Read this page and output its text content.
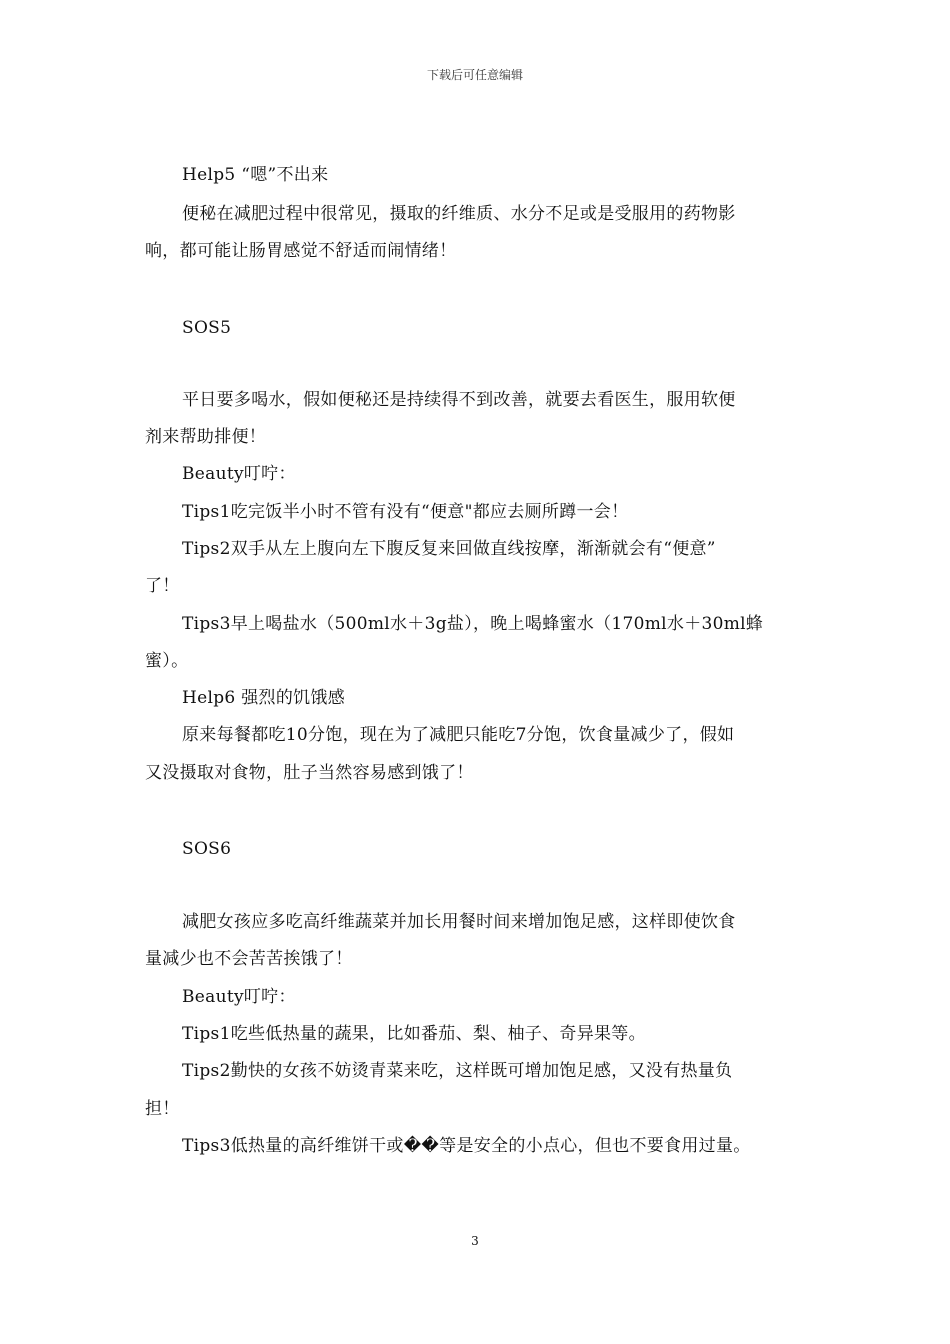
下载后可任意编辑
Help5 “嗯”不出来
便秘在减肥过程中很常见，摄取的纤维质、水分不足或是受服用的药物影
响，都可能让肠胃感觉不舒适而闹情绪！
SOS5
平日要多喝水，假如便秘还是持续得不到改善，就要去看医生，服用软便
剂来帮助排便！
Beauty叮咛：
Tips1吃完饭半小时不管有没有“便意"都应去厕所蹲一会！
Tips2双手从左上腹向左下腹反复来回做直线按摩，渐渐就会有“便意”
了！
Tips3早上喝盐水（500ml水＋3g盐），晚上喝蜂蜜水（170ml水＋30ml蜂
蜜）。
Help6 强烈的饥饿感
原来每餐都吃10分饱，现在为了减肥只能吃7分饱，饮食量减少了，假如
又没摄取对食物，肚子当然容易感到饿了！
SOS6
减肥女孩应多吃高纤维蔬菜并加长用餐时间来增加饱足感，这样即使饮食
量减少也不会苦苦挨饿了！
Beauty叮咛：
Tips1吃些低热量的蔬果，比如番茄、梨、柚子、奇异果等。
Tips2勤快的女孩不妨烫青菜来吃，这样既可增加饱足感，又没有热量负
担！
Tips3低热量的高纤维饼干或��等是安全的小点心，但也不要食用过量。
3
